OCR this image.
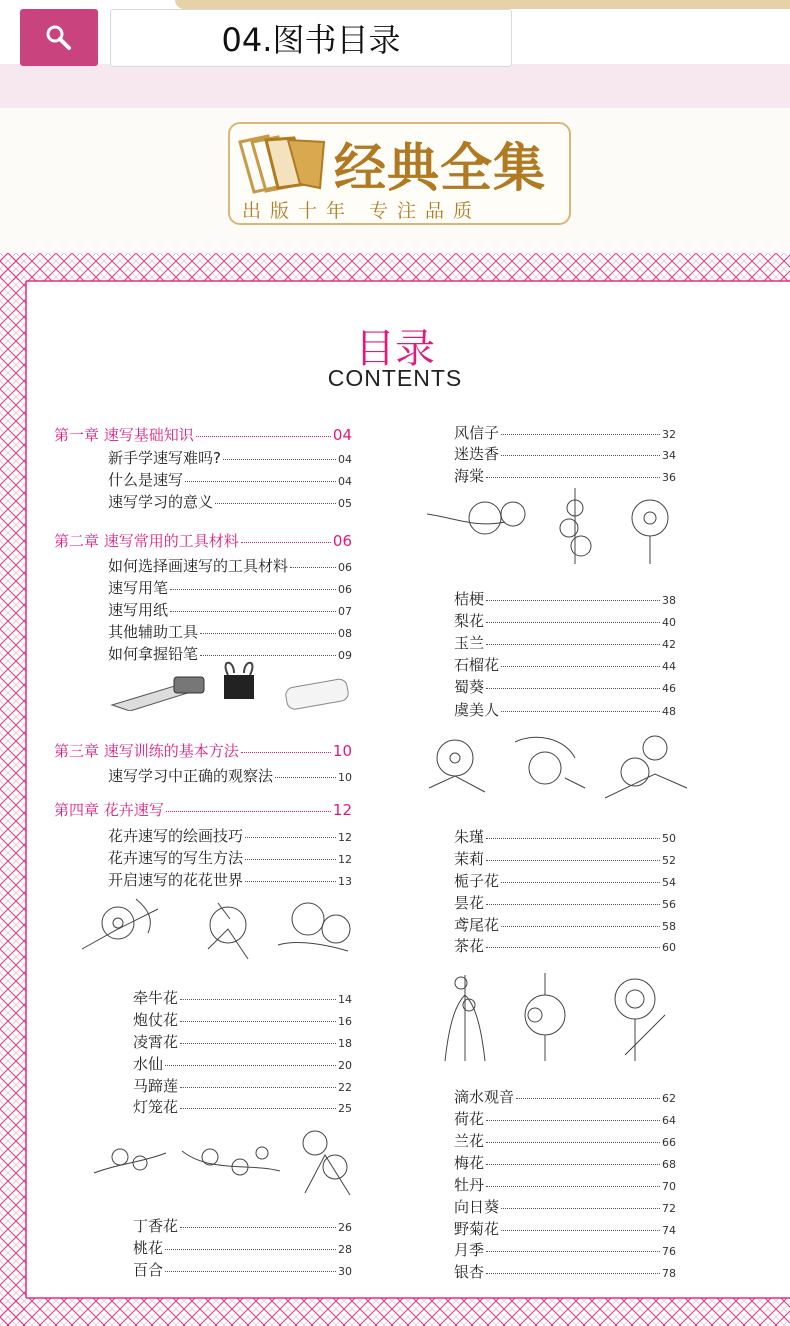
04.图书目录
经典全集
出版十年 专注品质
目录
CONTENTS
第一章 速写基础知识	04
新手学速写难吗?	04
什么是速写	04
速写学习的意义	05
第二章 速写常用的工具材料	06
如何选择画速写的工具材料	06
速写用笔	06
速写用纸	07
其他辅助工具	08
如何拿握铅笔	09
第三章 速写训练的基本方法	10
速写学习中正确的观察法	10
第四章 花卉速写	12
花卉速写的绘画技巧	12
花卉速写的写生方法	12
开启速写的花花世界	13
牵牛花	14
炮仗花	16
凌霄花	18
水仙	20
马蹄莲	22
灯笼花	25
丁香花	26
桃花	28
百合	30
风信子	32
迷迭香	34
海棠	36
桔梗	38
梨花	40
玉兰	42
石榴花	44
蜀葵	46
虞美人	48
朱瑾	50
茉莉	52
栀子花	54
昙花	56
鸢尾花	58
茶花	60
滴水观音	62
荷花	64
兰花	66
梅花	68
牡丹	70
向日葵	72
野菊花	74
月季	76
银杏	78
